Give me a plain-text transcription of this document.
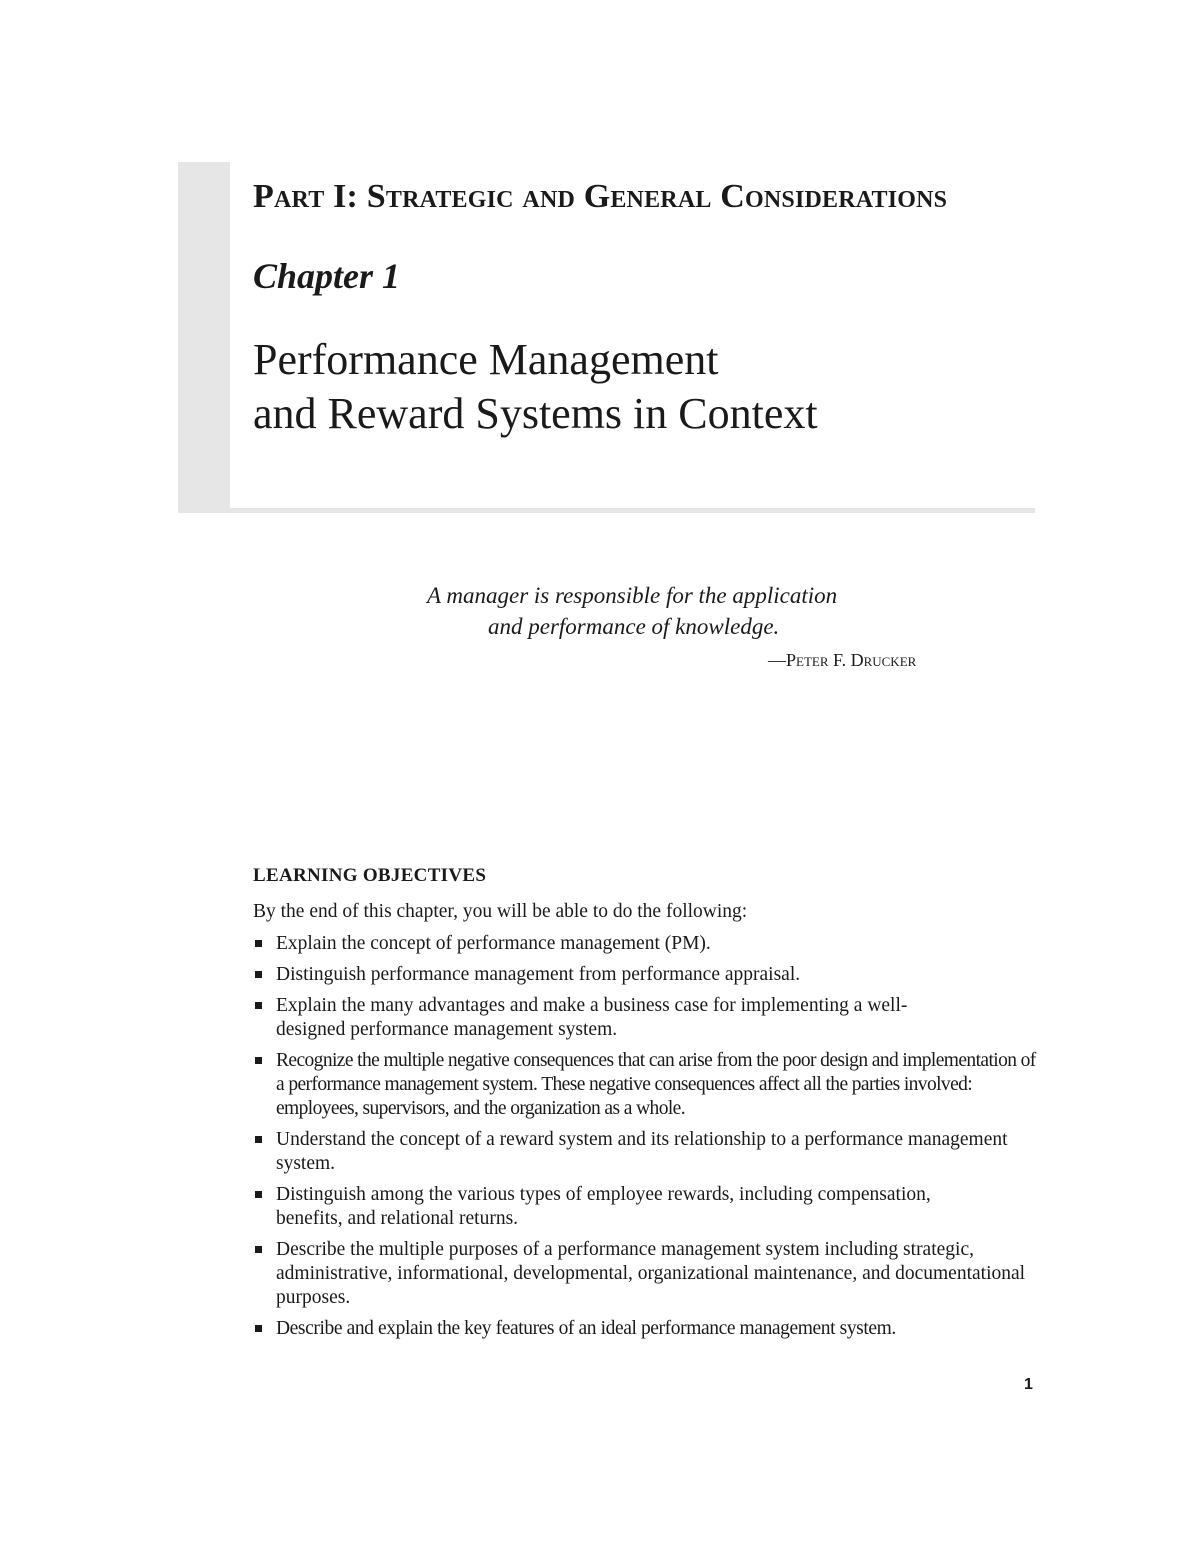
Part I: Strategic and General Considerations
Chapter 1
Performance Management
and Reward Systems in Context
A manager is responsible for the application
and performance of knowledge.
—Peter F. Drucker
LEARNING OBJECTIVES
By the end of this chapter, you will be able to do the following:
Explain the concept of performance management (PM).
Distinguish performance management from performance appraisal.
Explain the many advantages and make a business case for implementing a well-designed performance management system.
Recognize the multiple negative consequences that can arise from the poor design and implementation of a performance management system. These negative consequences affect all the parties involved: employees, supervisors, and the organization as a whole.
Understand the concept of a reward system and its relationship to a performance management system.
Distinguish among the various types of employee rewards, including compensation, benefits, and relational returns.
Describe the multiple purposes of a performance management system including strategic, administrative, informational, developmental, organizational maintenance, and documentational purposes.
Describe and explain the key features of an ideal performance management system.
1
